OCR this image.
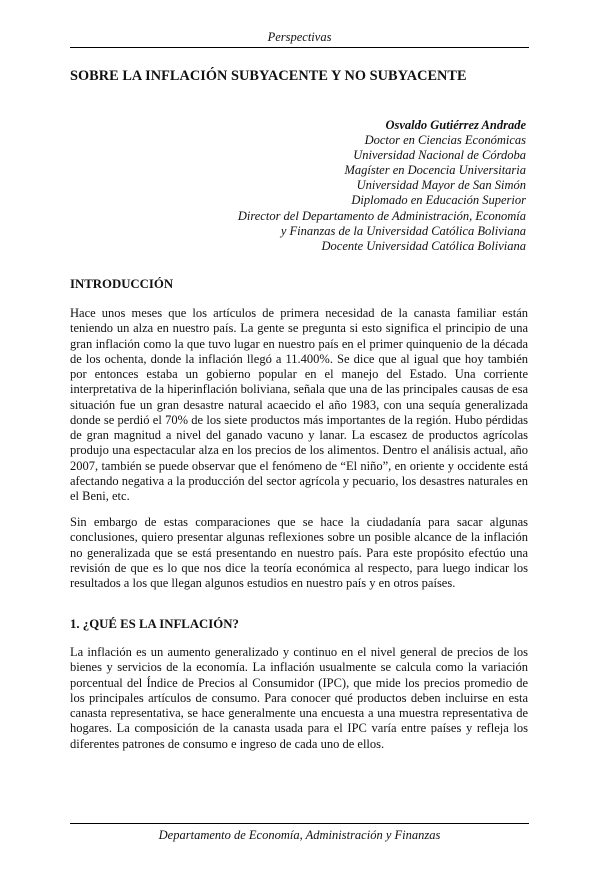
Perspectivas
SOBRE LA INFLACIÓN SUBYACENTE Y NO SUBYACENTE
Osvaldo Gutiérrez Andrade
Doctor en Ciencias Económicas
Universidad Nacional de Córdoba
Magíster en Docencia Universitaria
Universidad Mayor de San Simón
Diplomado en Educación Superior
Director del Departamento de Administración, Economía
y Finanzas de la Universidad Católica Boliviana
Docente Universidad Católica Boliviana
INTRODUCCIÓN

Hace unos meses que los artículos de primera necesidad de la canasta familiar están teniendo un alza en nuestro país. La gente se pregunta si esto significa el principio de una gran inflación como la que tuvo lugar en nuestro país en el primer quinquenio de la década de los ochenta, donde la inflación llegó a 11.400%. Se dice que al igual que hoy también por entonces estaba un gobierno popular en el manejo del Estado. Una corriente interpretativa de la hiperinflación boliviana, señala que una de las principales causas de esa situación fue un gran desastre natural acaecido el año 1983, con una sequía generalizada donde se perdió el 70% de los siete productos más importantes de la región. Hubo pérdidas de gran magnitud a nivel del ganado vacuno y lanar. La escasez de productos agrícolas produjo una espectacular alza en los precios de los alimentos. Dentro el análisis actual, año 2007, también se puede observar que el fenómeno de “El niño”, en oriente y occidente está afectando negativa a la producción del sector agrícola y pecuario, los desastres naturales en el Beni, etc.

Sin embargo de estas comparaciones que se hace la ciudadanía para sacar algunas conclusiones, quiero presentar algunas reflexiones sobre un posible alcance de la inflación no generalizada que se está presentando en nuestro país. Para este propósito efectúo una revisión de que es lo que nos dice la teoría económica al respecto, para luego indicar los resultados a los que llegan algunos estudios en nuestro país y en otros países.

1. ¿QUÉ ES LA INFLACIÓN?

La inflación es un aumento generalizado y continuo en el nivel general de precios de los bienes y servicios de la economía. La inflación usualmente se calcula como la variación porcentual del Índice de Precios al Consumidor (IPC), que mide los precios promedio de los principales artículos de consumo. Para conocer qué productos deben incluirse en esta canasta representativa, se hace generalmente una encuesta a una muestra representativa de hogares. La composición de la canasta usada para el IPC varía entre países y refleja los diferentes patrones de consumo e ingreso de cada uno de ellos.

Departamento de Economía, Administración y Finanzas
